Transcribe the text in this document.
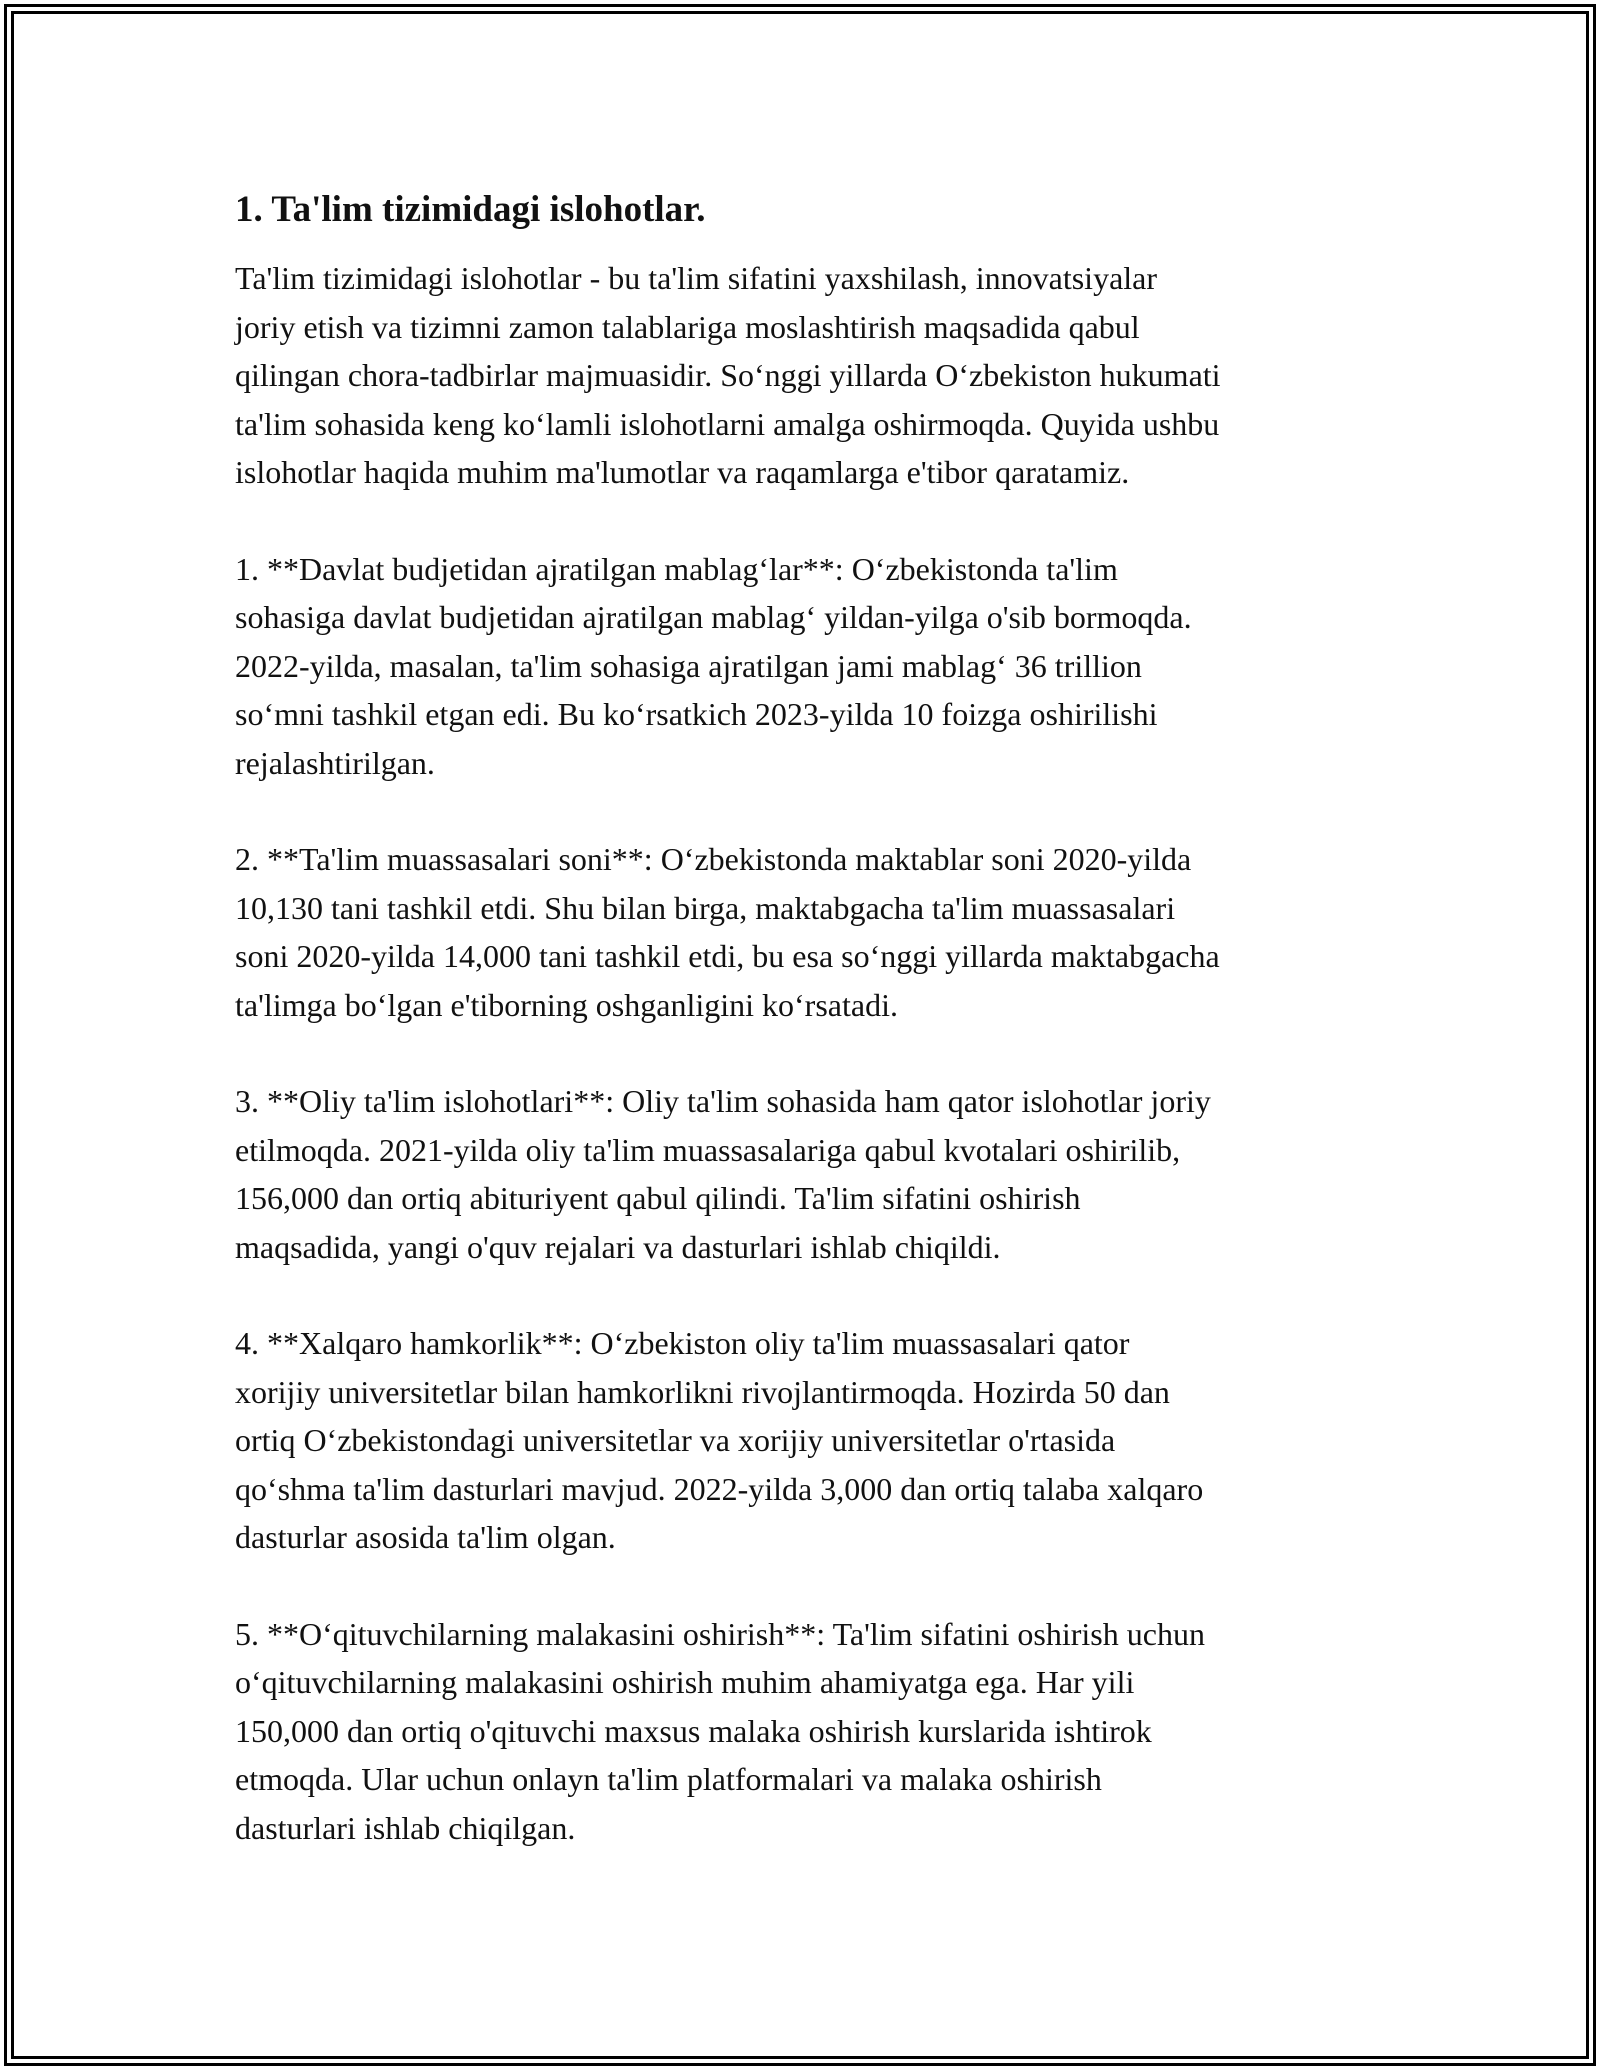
1. Ta'lim tizimidagi islohotlar.
Ta'lim tizimidagi islohotlar - bu ta'lim sifatini yaxshilash, innovatsiyalar
joriy etish va tizimni zamon talablariga moslashtirish maqsadida qabul
qilingan chora-tadbirlar majmuasidir. So‘nggi yillarda O‘zbekiston hukumati
ta'lim sohasida keng ko‘lamli islohotlarni amalga oshirmoqda. Quyida ushbu
islohotlar haqida muhim ma'lumotlar va raqamlarga e'tibor qaratamiz.
1. **Davlat budjetidan ajratilgan mablag‘lar**: O‘zbekistonda ta'lim
sohasiga davlat budjetidan ajratilgan mablag‘ yildan-yilga o'sib bormoqda.
2022-yilda, masalan, ta'lim sohasiga ajratilgan jami mablag‘ 36 trillion
so‘mni tashkil etgan edi. Bu ko‘rsatkich 2023-yilda 10 foizga oshirilishi
rejalashtirilgan.
2. **Ta'lim muassasalari soni**: O‘zbekistonda maktablar soni 2020-yilda
10,130 tani tashkil etdi. Shu bilan birga, maktabgacha ta'lim muassasalari
soni 2020-yilda 14,000 tani tashkil etdi, bu esa so‘nggi yillarda maktabgacha
ta'limga bo‘lgan e'tiborning oshganligini ko‘rsatadi.
3. **Oliy ta'lim islohotlari**: Oliy ta'lim sohasida ham qator islohotlar joriy
etilmoqda. 2021-yilda oliy ta'lim muassasalariga qabul kvotalari oshirilib,
156,000 dan ortiq abituriyent qabul qilindi. Ta'lim sifatini oshirish
maqsadida, yangi o'quv rejalari va dasturlari ishlab chiqildi.
4. **Xalqaro hamkorlik**: O‘zbekiston oliy ta'lim muassasalari qator
xorijiy universitetlar bilan hamkorlikni rivojlantirmoqda. Hozirda 50 dan
ortiq O‘zbekistondagi universitetlar va xorijiy universitetlar o'rtasida
qo‘shma ta'lim dasturlari mavjud. 2022-yilda 3,000 dan ortiq talaba xalqaro
dasturlar asosida ta'lim olgan.
5. **O‘qituvchilarning malakasini oshirish**: Ta'lim sifatini oshirish uchun
o‘qituvchilarning malakasini oshirish muhim ahamiyatga ega. Har yili
150,000 dan ortiq o'qituvchi maxsus malaka oshirish kurslarida ishtirok
etmoqda. Ular uchun onlayn ta'lim platformalari va malaka oshirish
dasturlari ishlab chiqilgan.
